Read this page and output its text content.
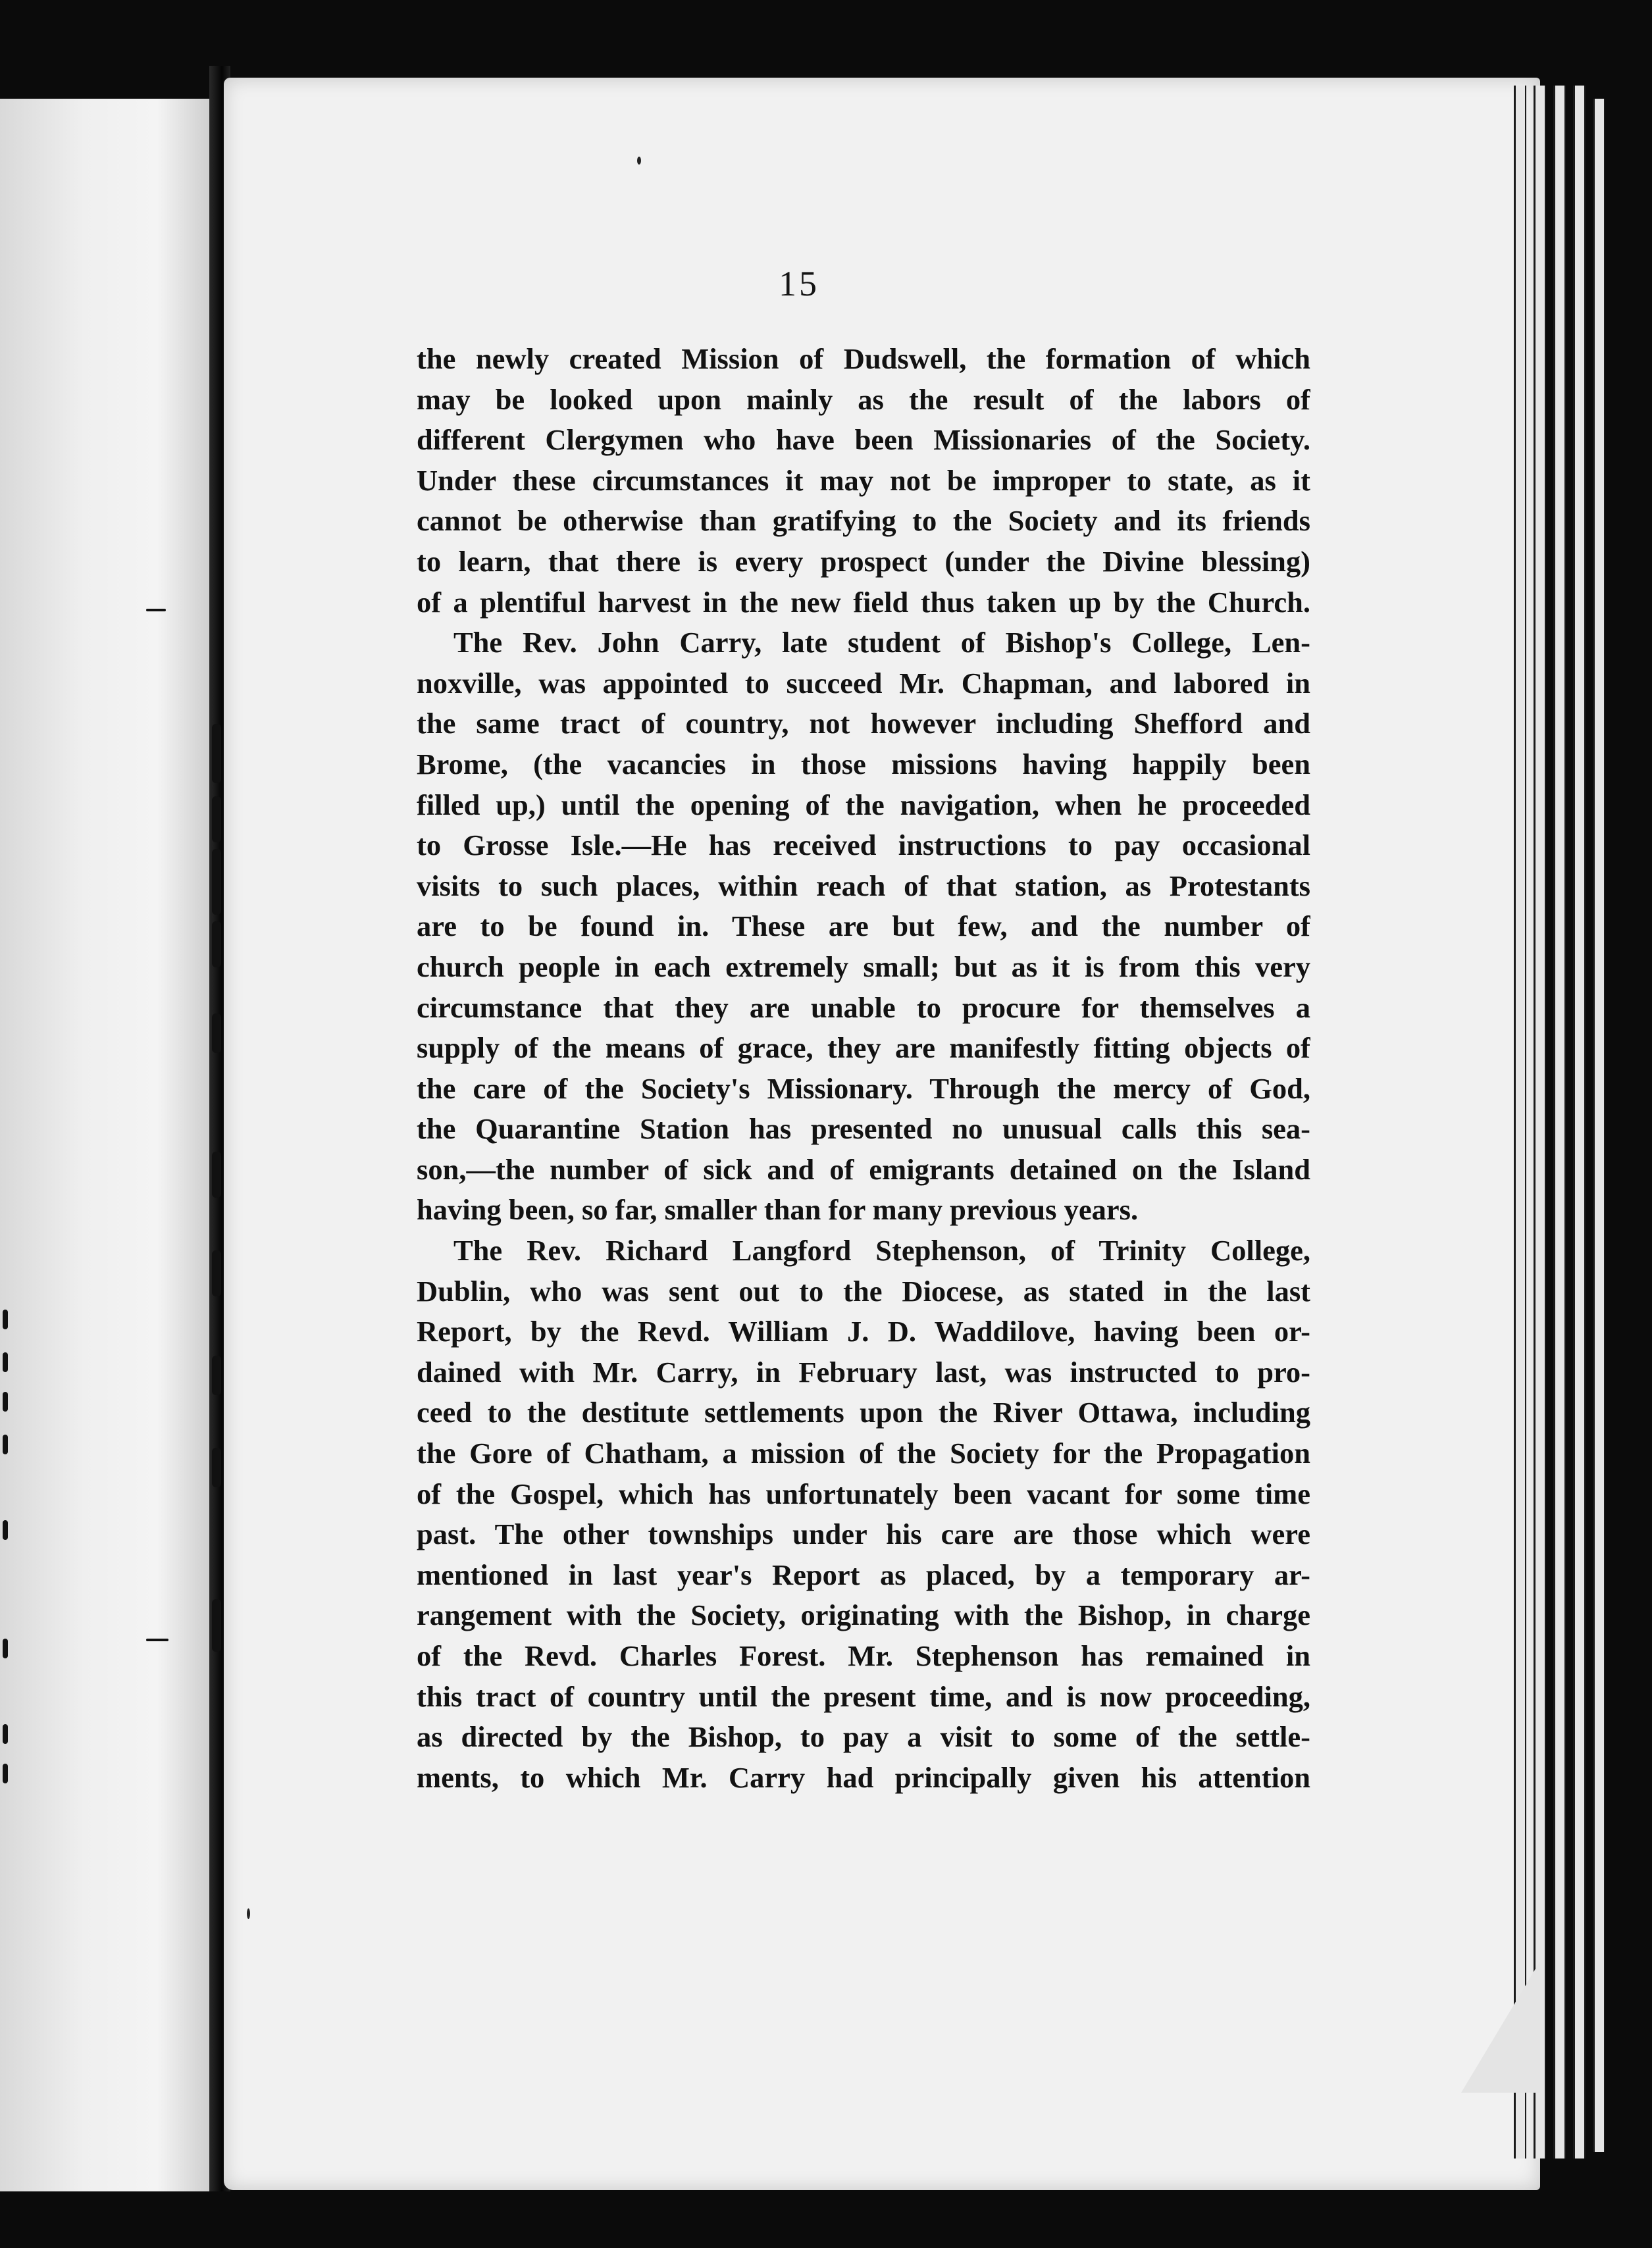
15
the newly created Mission of Dudswell, the formation of which
may be looked upon mainly as the result of the labors of
different Clergymen who have been Missionaries of the Society.
Under these circumstances it may not be improper to state, as it
cannot be otherwise than gratifying to the Society and its friends
to learn, that there is every prospect (under the Divine blessing)
of a plentiful harvest in the new field thus taken up by the Church.
The Rev. John Carry, late student of Bishop's College, Len-
noxville, was appointed to succeed Mr. Chapman, and labored in
the same tract of country, not however including Shefford and
Brome, (the vacancies in those missions having happily been
filled up,) until the opening of the navigation, when he proceeded
to Grosse Isle.—He has received instructions to pay occasional
visits to such places, within reach of that station, as Protestants
are to be found in. These are but few, and the number of
church people in each extremely small; but as it is from this very
circumstance that they are unable to procure for themselves a
supply of the means of grace, they are manifestly fitting objects of
the care of the Society's Missionary. Through the mercy of God,
the Quarantine Station has presented no unusual calls this sea-
son,—the number of sick and of emigrants detained on the Island
having been, so far, smaller than for many previous years.
The Rev. Richard Langford Stephenson, of Trinity College,
Dublin, who was sent out to the Diocese, as stated in the last
Report, by the Revd. William J. D. Waddilove, having been or-
dained with Mr. Carry, in February last, was instructed to pro-
ceed to the destitute settlements upon the River Ottawa, including
the Gore of Chatham, a mission of the Society for the Propagation
of the Gospel, which has unfortunately been vacant for some time
past. The other townships under his care are those which were
mentioned in last year's Report as placed, by a temporary ar-
rangement with the Society, originating with the Bishop, in charge
of the Revd. Charles Forest. Mr. Stephenson has remained in
this tract of country until the present time, and is now proceeding,
as directed by the Bishop, to pay a visit to some of the settle-
ments, to which Mr. Carry had principally given his attention
